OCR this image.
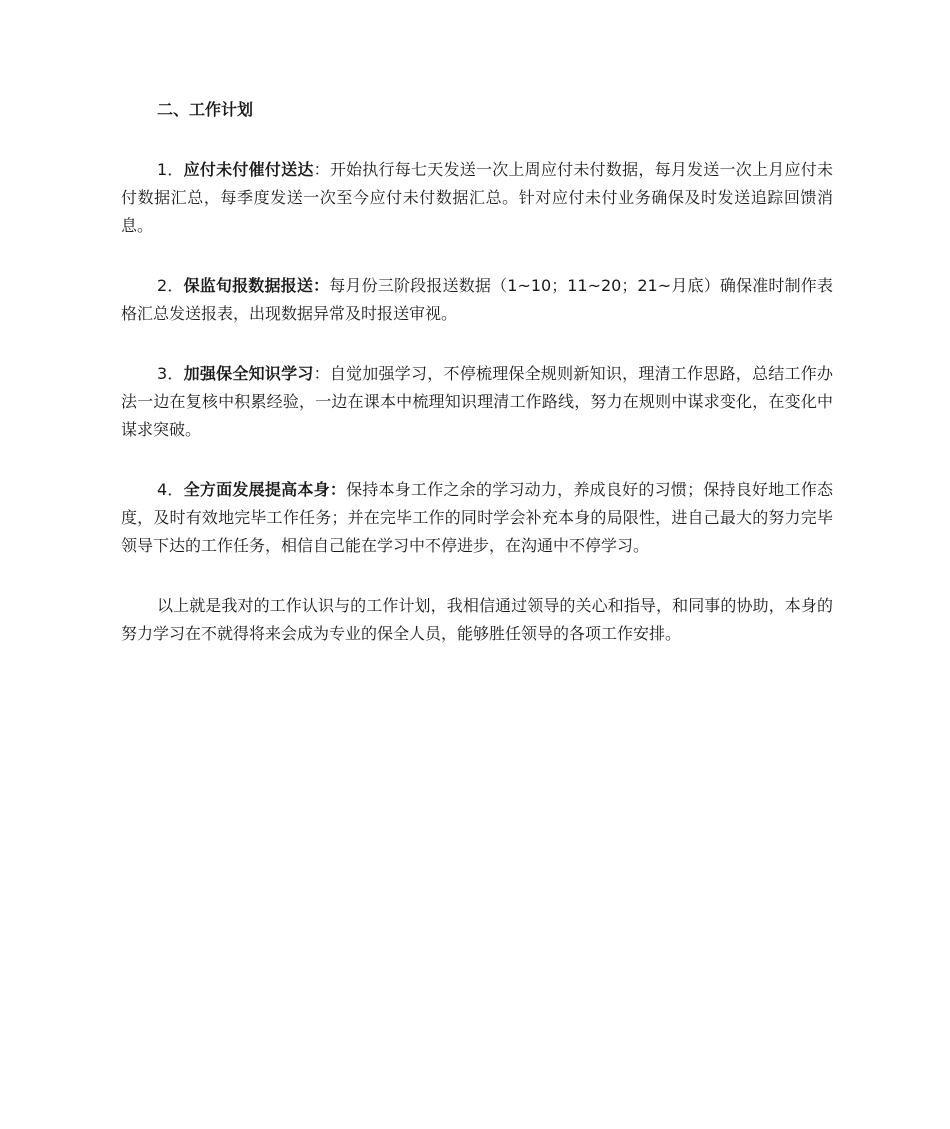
二、工作计划

1．应付未付催付送达：开始执行每七天发送一次上周应付未付数据，每月发送一次上月应付未付数据汇总，每季度发送一次至今应付未付数据汇总。针对应付未付业务确保及时发送追踪回馈消息。

2．保监旬报数据报送：每月份三阶段报送数据（1~10；11~20；21~月底）确保准时制作表格汇总发送报表，出现数据异常及时报送审视。

3．加强保全知识学习：自觉加强学习，不停梳理保全规则新知识，理清工作思路，总结工作办法一边在复核中积累经验，一边在课本中梳理知识理清工作路线，努力在规则中谋求变化，在变化中谋求突破。

4．全方面发展提高本身：保持本身工作之余的学习动力，养成良好的习惯；保持良好地工作态度，及时有效地完毕工作任务；并在完毕工作的同时学会补充本身的局限性，进自己最大的努力完毕领导下达的工作任务，相信自己能在学习中不停进步，在沟通中不停学习。

以上就是我对的工作认识与的工作计划，我相信通过领导的关心和指导，和同事的协助，本身的努力学习在不就得将来会成为专业的保全人员，能够胜任领导的各项工作安排。
